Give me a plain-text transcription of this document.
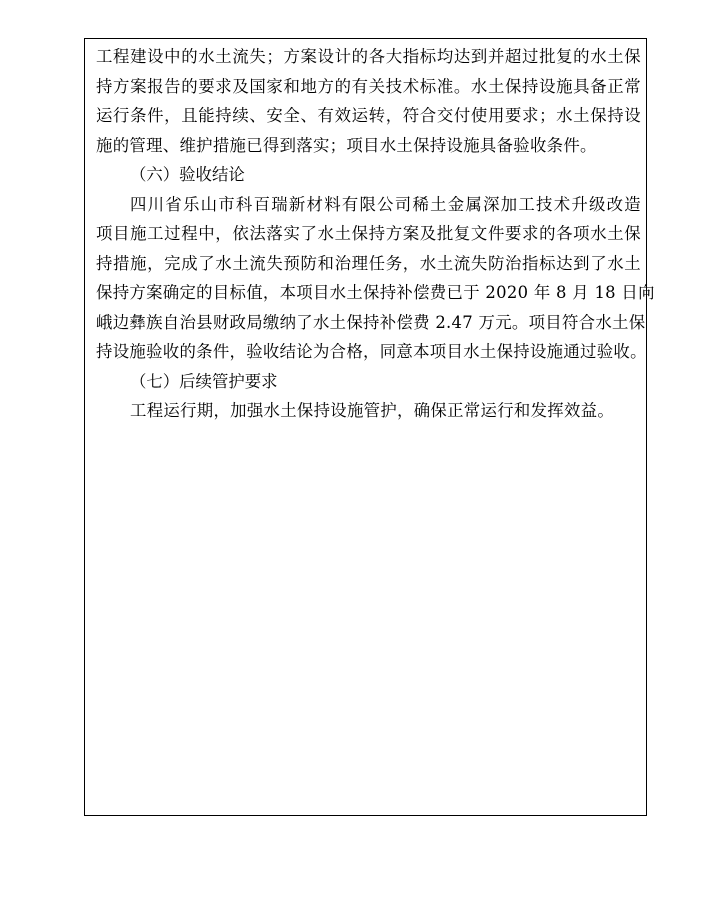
工程建设中的水土流失；方案设计的各大指标均达到并超过批复的水土保
持方案报告的要求及国家和地方的有关技术标准。水土保持设施具备正常
运行条件，且能持续、安全、有效运转，符合交付使用要求；水土保持设
施的管理、维护措施已得到落实；项目水土保持设施具备验收条件。
（六）验收结论
四川省乐山市科百瑞新材料有限公司稀土金属深加工技术升级改造
项目施工过程中，依法落实了水土保持方案及批复文件要求的各项水土保
持措施，完成了水土流失预防和治理任务，水土流失防治指标达到了水土
保持方案确定的目标值，本项目水土保持补偿费已于 2020 年 8 月 18 日向
峨边彝族自治县财政局缴纳了水土保持补偿费 2.47 万元。项目符合水土保
持设施验收的条件，验收结论为合格，同意本项目水土保持设施通过验收。
（七）后续管护要求
工程运行期，加强水土保持设施管护，确保正常运行和发挥效益。
